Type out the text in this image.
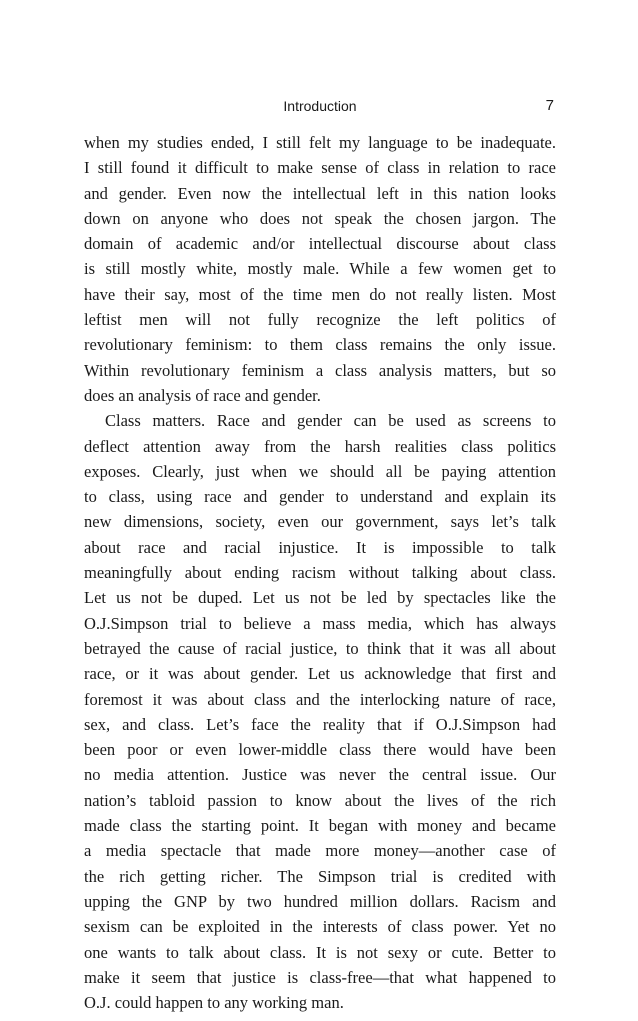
Introduction	7

when my studies ended, I still felt my language to be inadequate.
I still found it difficult to make sense of class in relation to race
and gender. Even now the intellectual left in this nation looks
down on anyone who does not speak the chosen jargon. The
domain of academic and/or intellectual discourse about class
is still mostly white, mostly male. While a few women get to
have their say, most of the time men do not really listen. Most
leftist men will not fully recognize the left politics of
revolutionary feminism: to them class remains the only issue.
Within revolutionary feminism a class analysis matters, but so
does an analysis of race and gender.

Class matters. Race and gender can be used as screens to
deflect attention away from the harsh realities class politics
exposes. Clearly, just when we should all be paying attention
to class, using race and gender to understand and explain its
new dimensions, society, even our government, says let’s talk
about race and racial injustice. It is impossible to talk
meaningfully about ending racism without talking about class.
Let us not be duped. Let us not be led by spectacles like the
O.J.Simpson trial to believe a mass media, which has always
betrayed the cause of racial justice, to think that it was all about
race, or it was about gender. Let us acknowledge that first and
foremost it was about class and the interlocking nature of race,
sex, and class. Let’s face the reality that if O.J.Simpson had
been poor or even lower-middle class there would have been
no media attention. Justice was never the central issue. Our
nation’s tabloid passion to know about the lives of the rich
made class the starting point. It began with money and became
a media spectacle that made more money—another case of
the rich getting richer. The Simpson trial is credited with
upping the GNP by two hundred million dollars. Racism and
sexism can be exploited in the interests of class power. Yet no
one wants to talk about class. It is not sexy or cute. Better to
make it seem that justice is class-free—that what happened to
O.J. could happen to any working man.
